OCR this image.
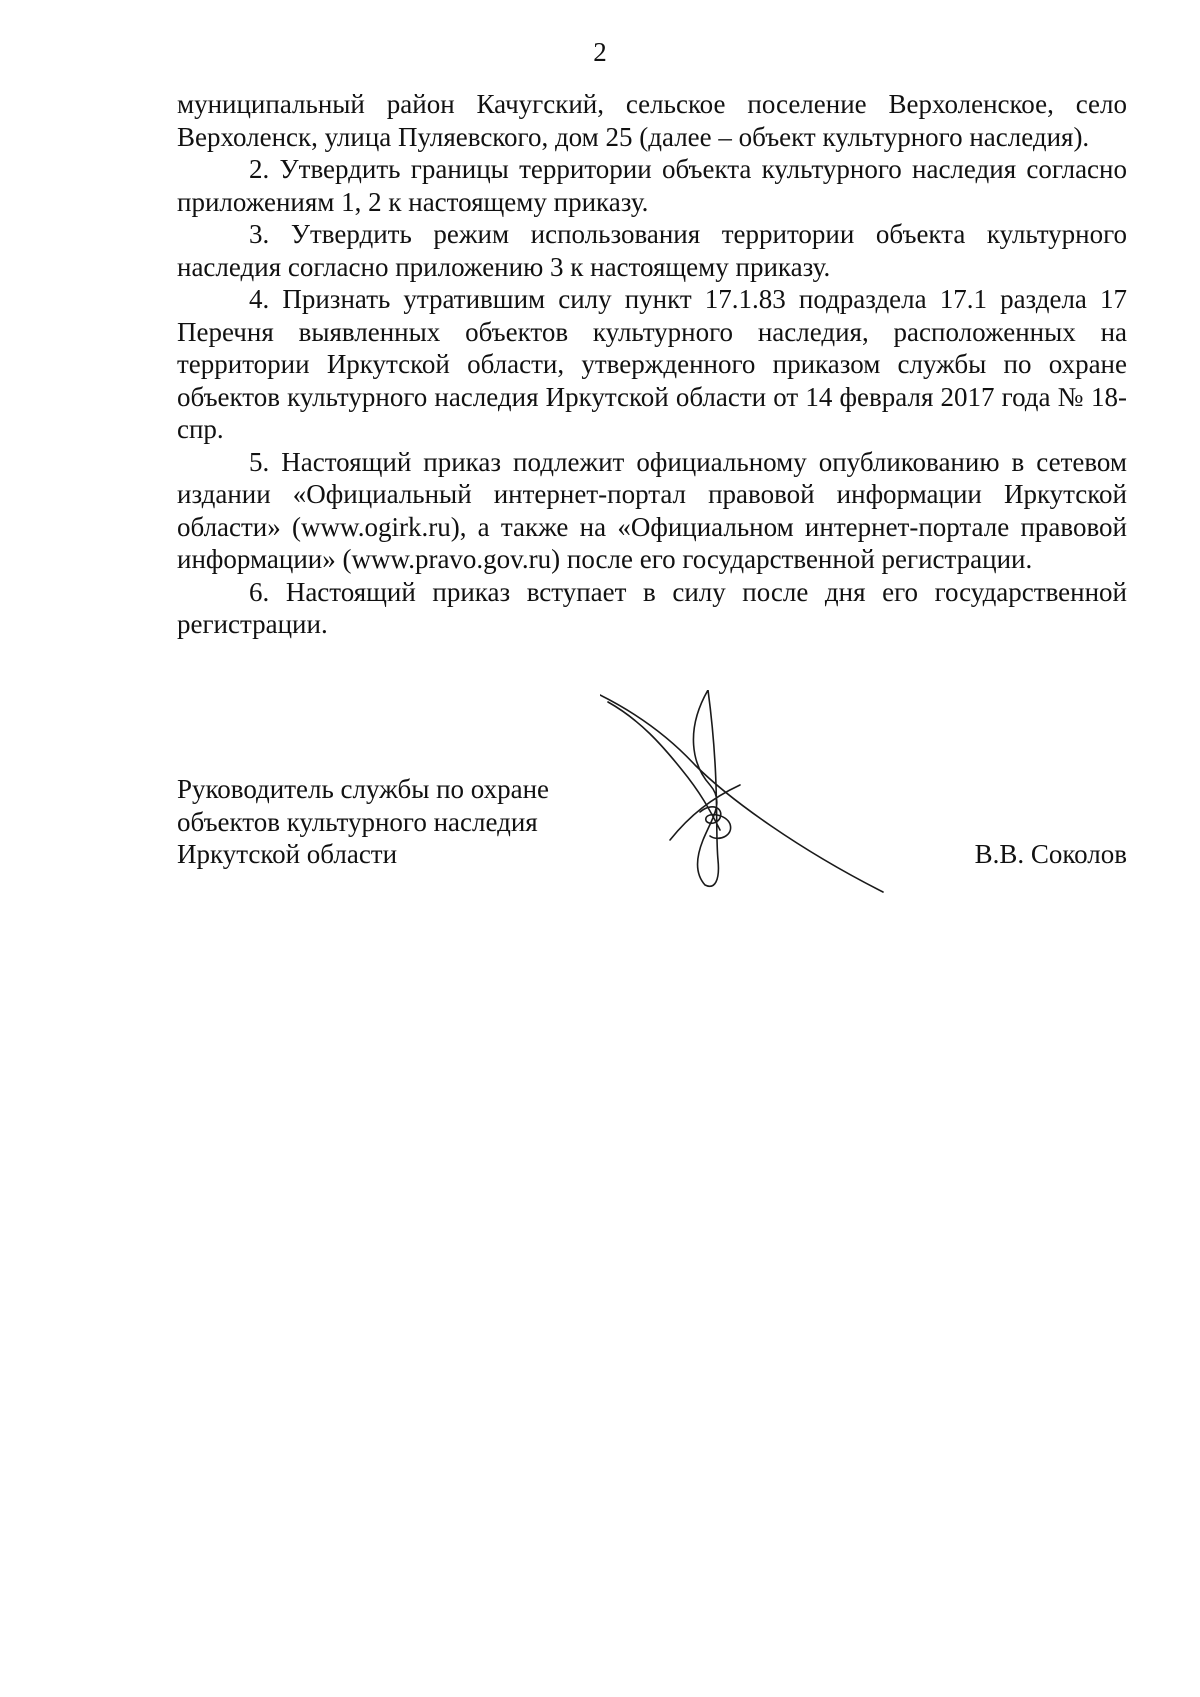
2

муниципальный район Качугский, сельское поселение Верхоленское, село Верхоленск, улица Пуляевского, дом 25 (далее – объект культурного наследия).

2. Утвердить границы территории объекта культурного наследия согласно приложениям 1, 2 к настоящему приказу.

3. Утвердить режим использования территории объекта культурного наследия согласно приложению 3 к настоящему приказу.

4. Признать утратившим силу пункт 17.1.83 подраздела 17.1 раздела 17 Перечня выявленных объектов культурного наследия, расположенных на территории Иркутской области, утвержденного приказом службы по охране объектов культурного наследия Иркутской области от 14 февраля 2017 года № 18-спр.

5. Настоящий приказ подлежит официальному опубликованию в сетевом издании «Официальный интернет-портал правовой информации Иркутской области» (www.ogirk.ru), а также на «Официальном интернет-портале правовой информации» (www.pravo.gov.ru) после его государственной регистрации.

6. Настоящий приказ вступает в силу после дня его государственной регистрации.

Руководитель службы по охране
объектов культурного наследия
Иркутской области	В.В. Соколов
